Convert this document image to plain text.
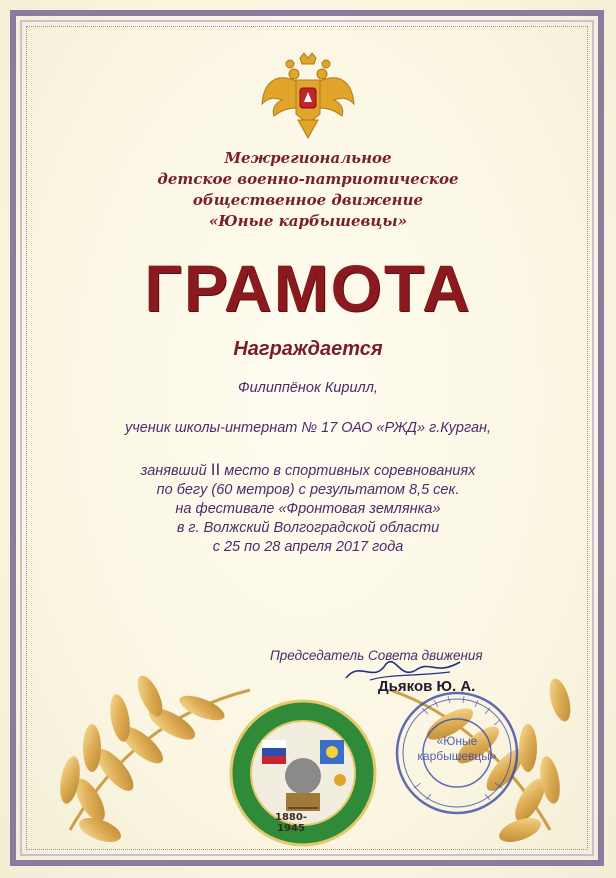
Межрегиональное
детское военно-патриотическое
общественное движение
«Юные карбышевцы»
ГРАМОТА
Награждается
Филиппёнок Кирилл,
ученик школы-интернат № 17 ОАО «РЖД» г.Курган,
занявший II место в спортивных соревнованиях
по бегу (60 метров) с результатом 8,5 сек.
на фестивале «Фронтовая землянка»
в г. Волжский Волгоградской области
с 25 по 28 апреля 2017 года
1880-1945
Председатель Совета движения
Дьяков Ю. А.
«Юные
карбышевцы»
